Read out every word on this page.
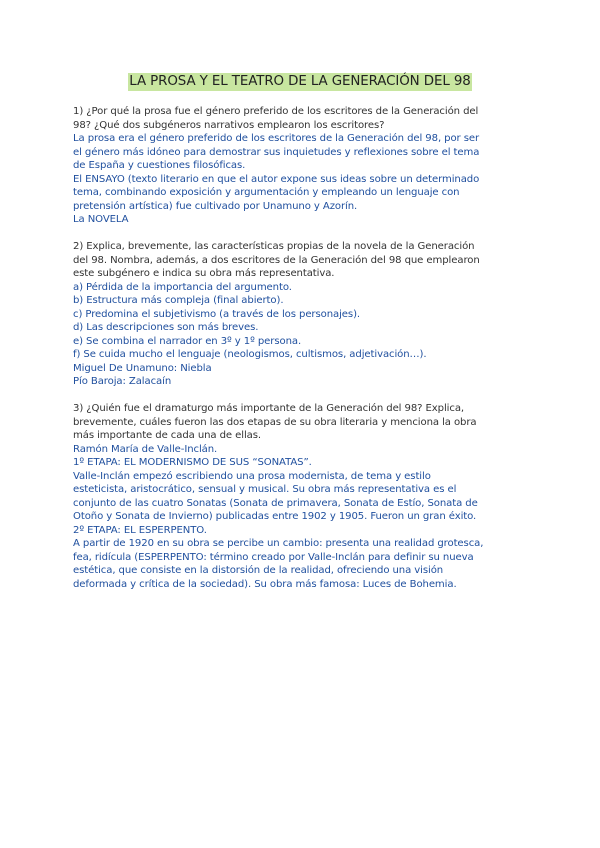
LA PROSA Y EL TEATRO DE LA GENERACIÓN DEL 98
1) ¿Por qué la prosa fue el género preferido de los escritores de la Generación del
98? ¿Qué dos subgéneros narrativos emplearon los escritores?
La prosa era el género preferido de los escritores de la Generación del 98, por ser
el género más idóneo para demostrar sus inquietudes y reflexiones sobre el tema
de España y cuestiones filosóficas.
El ENSAYO (texto literario en que el autor expone sus ideas sobre un determinado
tema, combinando exposición y argumentación y empleando un lenguaje con
pretensión artística) fue cultivado por Unamuno y Azorín.
La NOVELA
2) Explica, brevemente, las características propias de la novela de la Generación
del 98. Nombra, además, a dos escritores de la Generación del 98 que emplearon
este subgénero e indica su obra más representativa.
a) Pérdida de la importancia del argumento.
b) Estructura más compleja (final abierto).
c) Predomina el subjetivismo (a través de los personajes).
d) Las descripciones son más breves.
e) Se combina el narrador en 3º y 1º persona.
f) Se cuida mucho el lenguaje (neologismos, cultismos, adjetivación…).
Miguel De Unamuno: Niebla
Pío Baroja: Zalacaín
3) ¿Quién fue el dramaturgo más importante de la Generación del 98? Explica,
brevemente, cuáles fueron las dos etapas de su obra literaria y menciona la obra
más importante de cada una de ellas.
Ramón María de Valle-Inclán.
1º ETAPA: EL MODERNISMO DE SUS “SONATAS”.
Valle-Inclán empezó escribiendo una prosa modernista, de tema y estilo
esteticista, aristocrático, sensual y musical. Su obra más representativa es el
conjunto de las cuatro Sonatas (Sonata de primavera, Sonata de Estío, Sonata de
Otoño y Sonata de Invierno) publicadas entre 1902 y 1905. Fueron un gran éxito.
2º ETAPA: EL ESPERPENTO.
A partir de 1920 en su obra se percibe un cambio: presenta una realidad grotesca,
fea, ridícula (ESPERPENTO: término creado por Valle-Inclán para definir su nueva
estética, que consiste en la distorsión de la realidad, ofreciendo una visión
deformada y crítica de la sociedad). Su obra más famosa: Luces de Bohemia.
